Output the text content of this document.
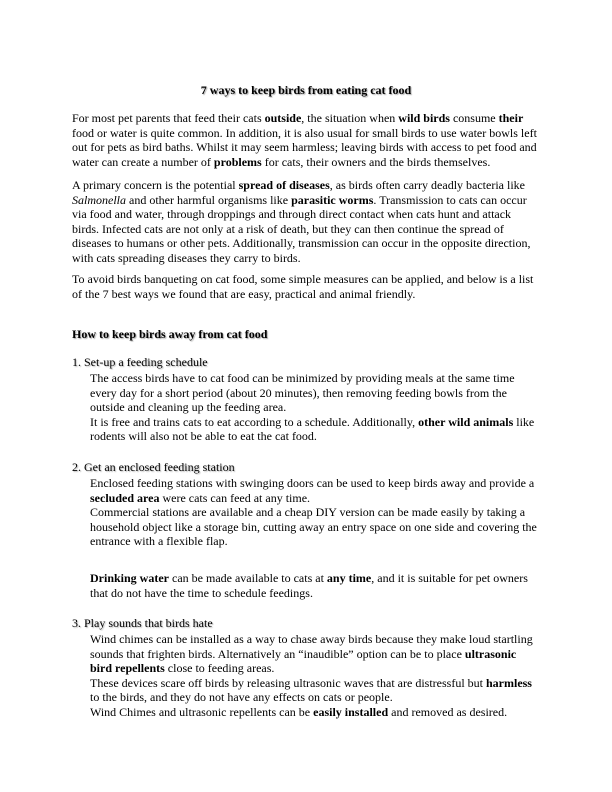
7 ways to keep birds from eating cat food
For most pet parents that feed their cats outside, the situation when wild birds consume their
food or water is quite common. In addition, it is also usual for small birds to use water bowls left
out for pets as bird baths. Whilst it may seem harmless; leaving birds with access to pet food and
water can create a number of problems for cats, their owners and the birds themselves.
A primary concern is the potential spread of diseases, as birds often carry deadly bacteria like
Salmonella and other harmful organisms like parasitic worms. Transmission to cats can occur
via food and water, through droppings and through direct contact when cats hunt and attack
birds. Infected cats are not only at a risk of death, but they can then continue the spread of
diseases to humans or other pets. Additionally, transmission can occur in the opposite direction,
with cats spreading diseases they carry to birds.
To avoid birds banqueting on cat food, some simple measures can be applied, and below is a list
of the 7 best ways we found that are easy, practical and animal friendly.
How to keep birds away from cat food
1. Set-up a feeding schedule
The access birds have to cat food can be minimized by providing meals at the same time
every day for a short period (about 20 minutes), then removing feeding bowls from the
outside and cleaning up the feeding area.
It is free and trains cats to eat according to a schedule. Additionally, other wild animals like
rodents will also not be able to eat the cat food.
2. Get an enclosed feeding station
Enclosed feeding stations with swinging doors can be used to keep birds away and provide a
secluded area were cats can feed at any time.
Commercial stations are available and a cheap DIY version can be made easily by taking a
household object like a storage bin, cutting away an entry space on one side and covering the
entrance with a flexible flap.
Drinking water can be made available to cats at any time, and it is suitable for pet owners
that do not have the time to schedule feedings.
3. Play sounds that birds hate
Wind chimes can be installed as a way to chase away birds because they make loud startling
sounds that frighten birds. Alternatively an “inaudible” option can be to place ultrasonic
bird repellents close to feeding areas.
These devices scare off birds by releasing ultrasonic waves that are distressful but harmless
to the birds, and they do not have any effects on cats or people.
Wind Chimes and ultrasonic repellents can be easily installed and removed as desired.
